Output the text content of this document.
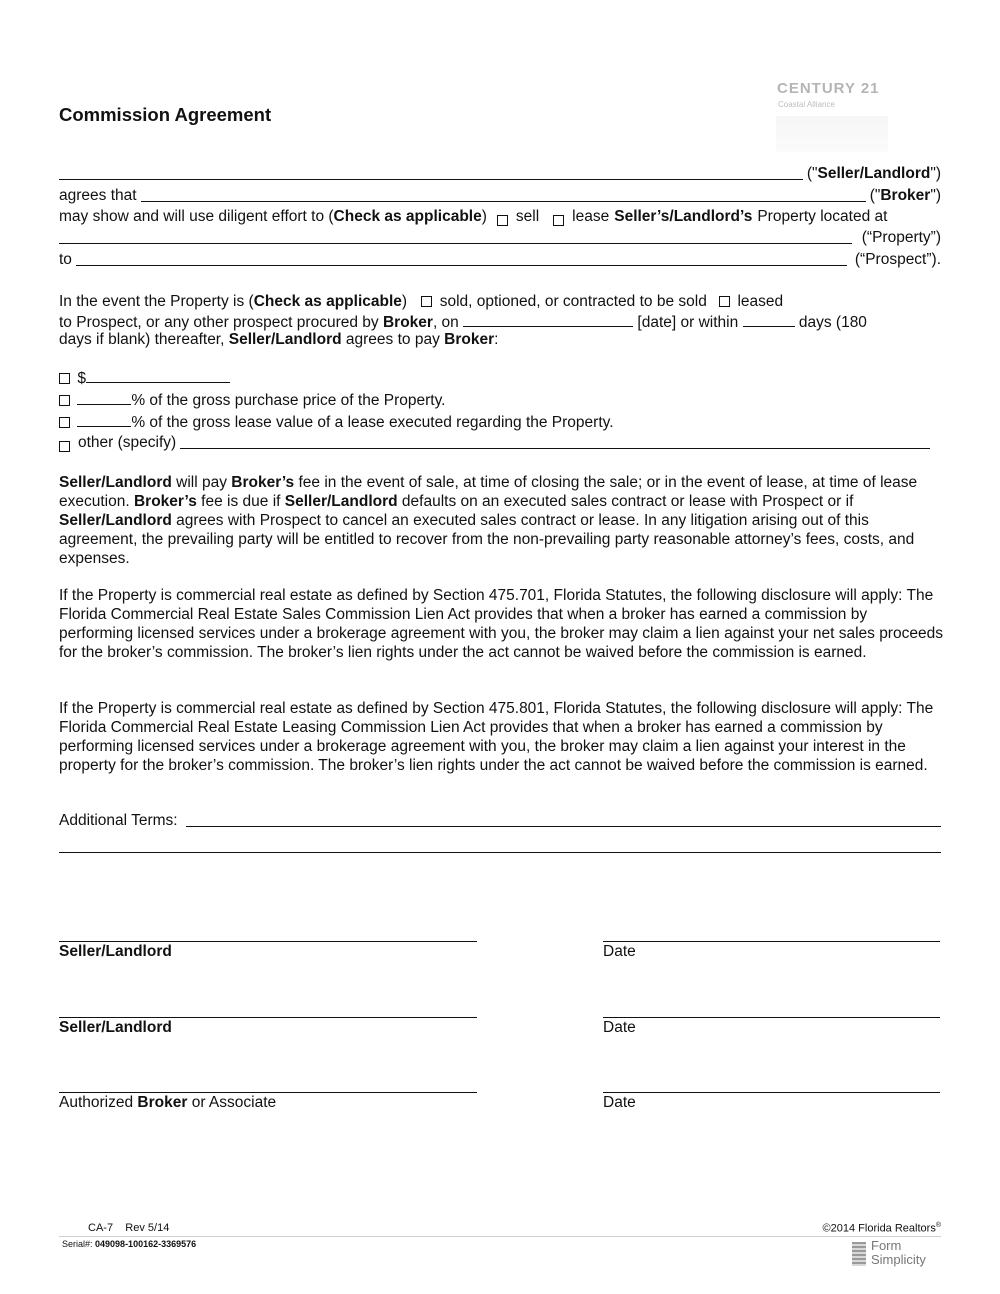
CENTURY 21
Coastal Alliance
Commission Agreement
(" Seller/Landlord ")
agrees that	(" Broker ")
may show and will use diligent effort to ( Check as applicable ) sell lease Seller’s/Landlord’s Property located at
(“Property”)
to	(“Prospect”).
In the event the Property is (Check as applicable) sold, optioned, or contracted to be sold leased
to Prospect, or any other prospect procured by Broker, on	[date] or within	days (180
days if blank) thereafter, Seller/Landlord agrees to pay Broker:
$
% of the gross purchase price of the Property.
% of the gross lease value of a lease executed regarding the Property.
other (specify)
Seller/Landlord will pay Broker’s fee in the event of sale, at time of closing the sale; or in the event of lease, at time of lease execution. Broker’s fee is due if Seller/Landlord defaults on an executed sales contract or lease with Prospect or if Seller/Landlord agrees with Prospect to cancel an executed sales contract or lease. In any litigation arising out of this agreement, the prevailing party will be entitled to recover from the non-prevailing party reasonable attorney’s fees, costs, and expenses.
If the Property is commercial real estate as defined by Section 475.701, Florida Statutes, the following disclosure will apply: The Florida Commercial Real Estate Sales Commission Lien Act provides that when a broker has earned a commission by performing licensed services under a brokerage agreement with you, the broker may claim a lien against your net sales proceeds for the broker’s commission. The broker’s lien rights under the act cannot be waived before the commission is earned.
If the Property is commercial real estate as defined by Section 475.801, Florida Statutes, the following disclosure will apply: The Florida Commercial Real Estate Leasing Commission Lien Act provides that when a broker has earned a commission by performing licensed services under a brokerage agreement with you, the broker may claim a lien against your interest in the property for the broker’s commission. The broker’s lien rights under the act cannot be waived before the commission is earned.
Additional Terms:
Seller/Landlord	Date
Seller/Landlord	Date
Authorized Broker or Associate	Date
CA-7    Rev 5/14	©2014 Florida Realtors®
Serial#: 049098-100162-3369576	Form
Simplicity
